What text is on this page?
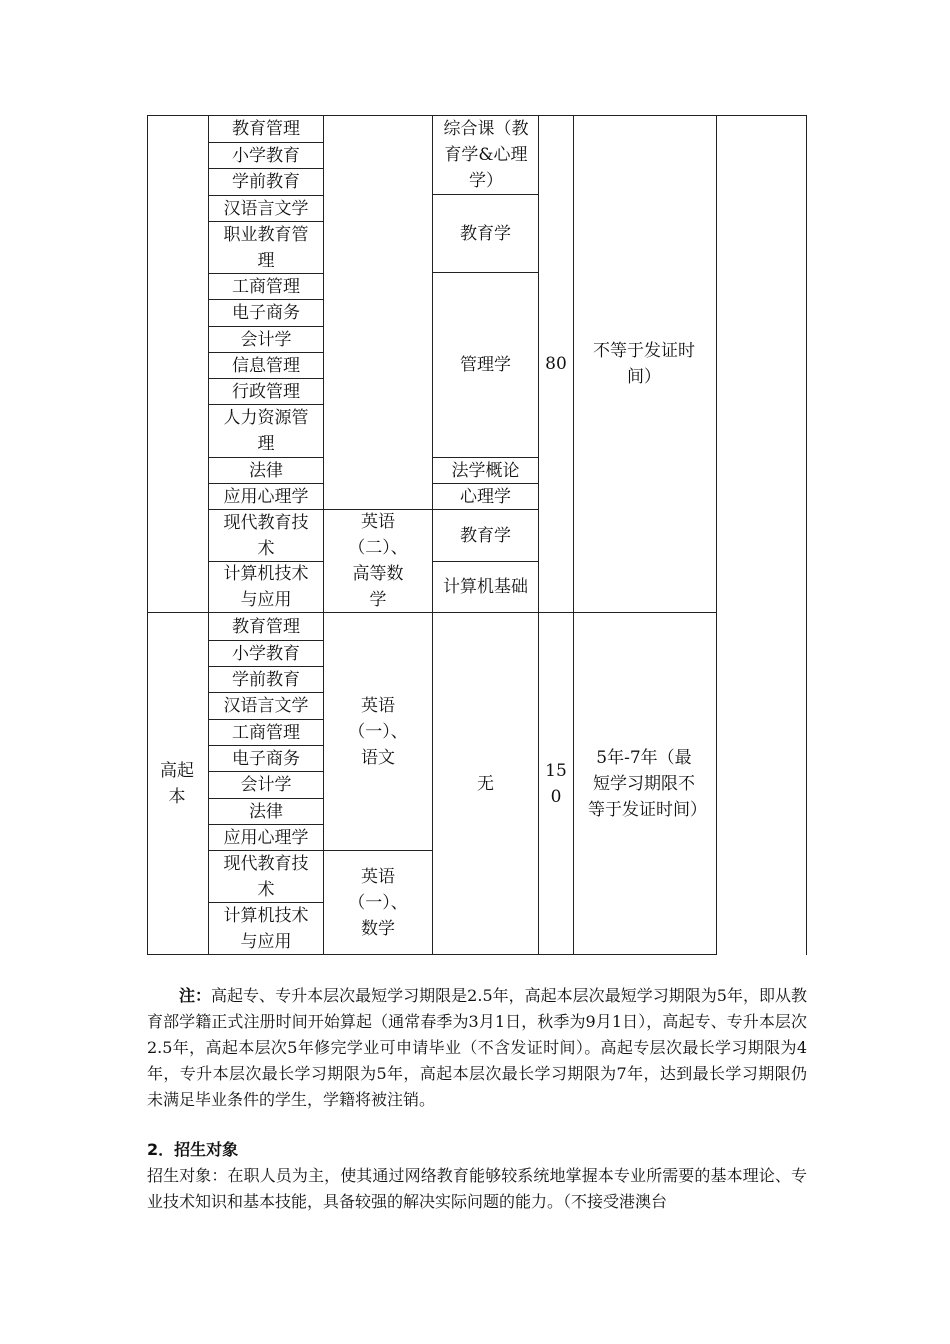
教育管理
小学教育
学前教育
汉语言文学
职业教育管理
工商管理
电子商务
会计学
信息管理
行政管理
人力资源管理
法律
应用心理学
现代教育技术
计算机技术与应用
英语（二）、高等数学
综合课（教育学&心理学）
教育学
管理学
法学概论
心理学
教育学
计算机基础
80
不等于发证时间）
高起本
教育管理
小学教育
学前教育
汉语言文学
工商管理
电子商务
会计学
法律
应用心理学
现代教育技术
计算机技术与应用
英语（一）、语文
英语（一）、数学
无
150
5年-7年（最短学习期限不等于发证时间）
注：高起专、专升本层次最短学习期限是2.5年，高起本层次最短学习期限为5年，即从教育部学籍正式注册时间开始算起（通常春季为3月1日，秋季为9月1日），高起专、专升本层次2.5年，高起本层次5年修完学业可申请毕业（不含发证时间）。高起专层次最长学习期限为4年，专升本层次最长学习期限为5年，高起本层次最长学习期限为7年，达到最长学习期限仍未满足毕业条件的学生，学籍将被注销。
2．招生对象
招生对象：在职人员为主，使其通过网络教育能够较系统地掌握本专业所需要的基本理论、专业技术知识和基本技能，具备较强的解决实际问题的能力。（不接受港澳台
